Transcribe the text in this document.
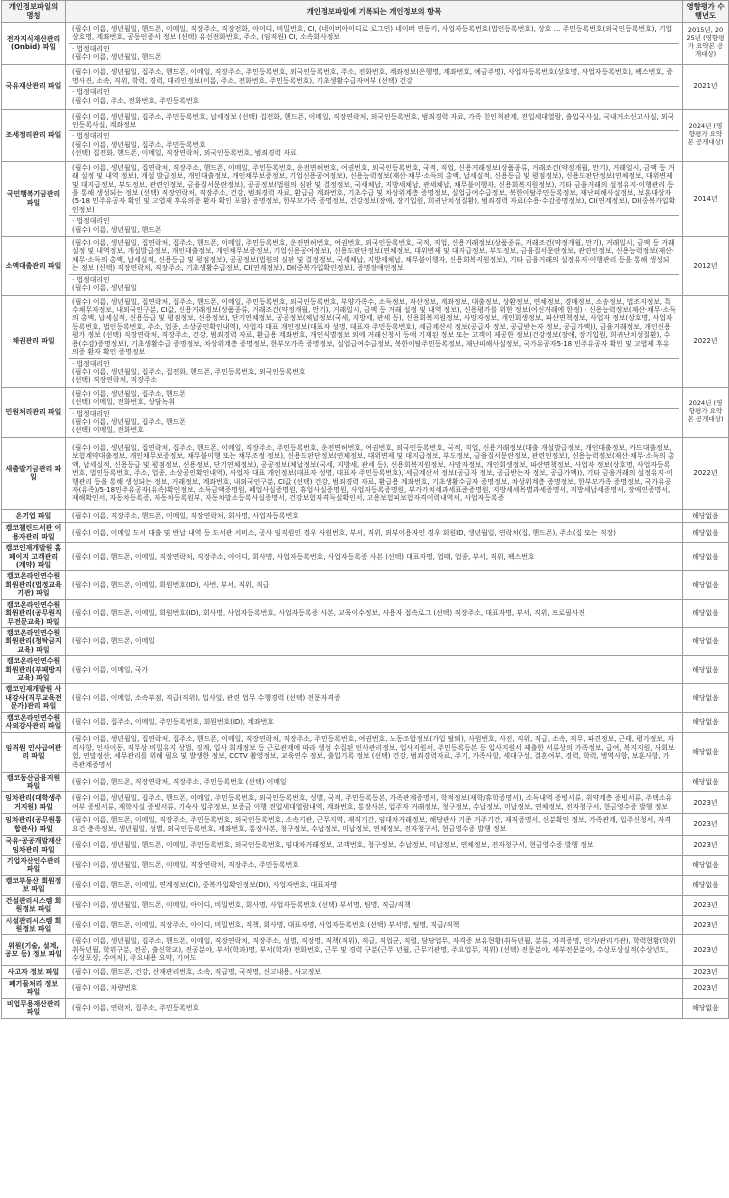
개인정보파일의 명칭	개인정보파일에 기록되는 개인정보의 항목	영향평가 수행년도
전자지식재산관리(Onbid) 파일	(필수) 이름, 생년월일, 핸드폰, 이메일, 직장주소, 직장전화, 아이디, 비밀번호, CI, (네이버아이디로 로그인) 네이버 연동키, 사업자등록번호(법인등록번호), 상호 … 주민등록번호(외국인등록번호), 기업상호명, 계좌번호, 공동인증서 정보 (선택) 유선전화번호, 주소, (임직원) CI, 소속회사정보
· 법정대리인
(필수) 이름, 생년월일, 핸드폰	2015년, 2025년 (영향평가 요약본 공개대상)
국유재산관리 파일	(필수) 이름, 생년월일, 집주소, 핸드폰, 이메일, 직장주소, 주민등록번호, 외국인등록번호, 주소, 전화번호, 계좌정보(은행명, 계좌번호, 예금주명), 사업자등록번호(상호명, 사업자등록번호), 팩스번호, 증명사진, 소속, 직위, 학력, 경력, 대리인정보(이름, 주소, 전화번호, 주민등록번호), 기초생활수급자여부 (선택) 건강
· 법정대리인
(필수) 이름, 주소, 전화번호, 주민등록번호	2021년
조세정리관리 파일	(필수) 이름, 생년월일, 집주소, 주민등록번호, 납세정보 (선택) 집전화, 핸드폰, 이메일, 직장연락처, 외국인등록번호, 범죄경력 자료, 가족 친인척관계, 전입세대열람, 출입국사실, 국내거소신고사실, 외국인등록사실, 계좌정보
· 법정대리인
(필수) 이름, 생년월일, 집주소, 주민등록번호
(선택) 집전화, 핸드폰, 이메일, 직장연락처, 외국인등록번호, 범죄경력 자료	2024년 (영향평가 요약본 공개대상)
국민행복기금관리 파일	(필수) 이름, 생년월일, 집연락처, 직장주소, 핸드폰, 이메일, 주민등록번호, 운전면허번호, 여권번호, 외국인등록번호, 국적, 직업, 신용거래정보(상품종류, 거래조건(약정개월, 만기), 거래일시, 금액 등 거래 설정 및 내역 정보), 개설 발급정보, 개인대출정보, 개인채무보증정보, 기업신용공여정보), 신용능력정보(재산·채무·소득의 총액, 납세실적, 신용등급 및 평점정보), 신용도판단정보(연체정보, 대위변제 및 대지급정보, 부도정보, 관련인정보, 금융질서문란정보), 공공정보(법원의 심판 및 결정정보, 국세체납, 지방세체납, 관세체납, 채무불이행자, 신용회복지원정보), 기타 금융거래의 설정유지·이행관리 등을 통해 생성되는 정보 (선택) 직장연락처, 직장주소, 건강, 범죄경력 자료, 환급금 계좌번호, 기초수급 및 차상위계층 증명정보, 실업급여수급정보, 북한이탈주민등록정보, 재난피해사실정보, 보훈대상자(5·18 민주유공자 확인 및 고엽제 후유의증 환자 확인 포함) 증명정보, 한부모가족 증명정보, 건강정보(장애, 장기입원, 희귀난치성질환), 범죄경력 자료(수용·수감증명정보), CI(연계정보), DI(중복가입확인정보)
· 법정대리인
(필수) 이름, 생년월일, 핸드폰	2014년
소액대출관리 파일	(필수) 이름, 생년월일, 집연락처, 집주소, 핸드폰, 이메일, 주민등록번호, 운전면허번호, 여권번호, 외국인등록번호, 국적, 직업, 신용거래정보(상품종류, 거래조건(약정개월, 만기), 거래일시, 금액 등 거래설정 및 내역정보, 개설발급정보, 개인대출정보, 개인채무보증정보, 기업신용공여정보), 신용도판단정보(연체정보, 대위변제 및 대지급정보, 부도정보, 금융질서문란정보, 관련인정보, 신용능력정보(재산·채무·소득의 총액, 납세실적, 신용등급 및 평점정보), 공공정보(법원의 심판 및 결정정보, 국세체납, 지방세체납, 채무불이행자, 신용회복지원정보), 기타 금융거래의 설정유지·이행관리 등을 통해 생성되는 정보 (선택) 직장연락처, 직장주소, 기초생활수급정보, CI(연계정보), DI(중복가입확인정보), 증명장애인정보
· 법정대리인
(필수) 이름, 생년월일	2012년
채권관리 파일	(필수) 이름, 생년월일, 집연락처, 집주소, 핸드폰, 이메일, 주민등록번호, 외국인등록번호, 부양가족수, 소득정보, 자산정보, 계좌정보, 대출정보, 상환정보, 연체정보, 경매정보, 소송정보, 법조지정보, 특수채무자정보, 내외국인구분, CI값, 신용거래정보(상품종류, 거래조건(약정개월, 만기), 거래일시, 금액 등 거래 설정 및 내역 정보), 신용평가를 위한 정보(여신거래에 한정) · 신용능력정보(재산·채무·소득의 총액, 납세실적, 신용등급 및 평점정보, 신용정보), 단기연체정보, 공공정보(체납정보(국세, 지방세, 관세 등), 신용회복지원정보, 사망자정보, 개인회생정보, 파산면책정보, 사업자 정보(상호명, 사업자등록번호, 법인등록번호, 주소, 업종, 소상공인확인내역), 사업자 대표 개인정보(대표자 성명, 대표자 주민등록번호), 세금계산서 정보(공급자 정보, 공급받는자 정보, 공급가액)), 금융거래정보, 개인신용평가 정보 (선택) 직장연락처, 직장주소, 건강, 범죄경력 자료, 환급용 계좌번호, 개인식별정보 외에 거래신청서 등에 기재된 정보 또는 고객이 제공한 정보(건강정보(장애, 장기입원, 희귀난치성질환), 수용(수감)증명정보), 기초생활수급 증명정보, 차상위계층 증명정보, 한부모가족 증명정보, 실업급여수급정보, 북한이탈주민등록정보, 재난피해사실정보, 국가유공자5·18 민주유공자 확인 및 고엽제 후유의증 환자 확인 증명정보
· 법정대리인
(필수) 이름, 생년월일, 집주소, 집전화, 핸드폰, 주민등록번호, 외국인등록번호
(선택) 직장연락처, 직장주소	2022년
민원처리관리 파일	(필수) 이름, 생년월일, 집주소, 핸드폰
(선택) 이메일, 전화번호, 상담녹취
· 법정대리인
(필수) 이름, 생년월일, 집주소, 핸드폰
(선택) 이메일, 전화번호	2024년 (영향평가 요약본 공개대상)
새출발기금관리 파일	(필수) 이름, 생년월일, 집연락처, 집주소, 핸드폰, 이메일, 직장주소, 주민등록번호, 운전면허번호, 여권번호, 외국인등록번호, 국적, 직업, 신용거래정보(대출 개설발급정보, 개인대출정보, 카드대출정보, 보험계약대출정보, 개인채무보증정보, 채무불이행 또는 채무조정 정보), 신용도판단정보(연체정보, 대위변제 및 대지급정보, 부도정보, 금융질서문란정보, 관련인정보), 신용능력정보(재산·채무·소득의 총액, 납세실적, 신용등급 및 평점정보, 신용정보, 단기연체정보), 공공정보(체납정보(국세, 지방세, 관세 등), 신용회복지원정보, 사망자정보, 개인회생정보, 파산면책정보, 사업자 정보(상호명, 사업자등록번호, 법인등록번호, 주소, 업종, 소상공인확인내역), 사업자 대표 개인정보(대표자 성명, 대표자 주민등록번호), 세금계산서 정보(공급자 정보, 공급받는자 정보, 공급가액)), 기타 금융거래의 설정유지·이행관리 등을 통해 생성되는 정보, 거래정보, 계좌번호, 내외국인구분, CI값 (선택) 건강, 범죄경력 자료, 환급용 계좌번호, 기초생활수급자 증명정보, 차상위계층 증명정보, 한부모가족 증명정보, 국가유공자(유족)/5·18민주유공자(유족)확인정보, 소득금액증명원, 폐업사실증명원, 휴업사실증명원, 사업자등록증명원, 부가가치세과세표준증명원, 지방세세목별과세증명서, 지방세납세증명서, 장애인증명서, 재해확인서, 자동차등록증, 자동차등록원부, 자동차말소등록사실증명서, 건강보험자격득실확인서, 고용보험피보험자격이력내역서, 사업자등록증	2022년
온기업 파일	(필수) 이름, 직장주소, 핸드폰, 이메일, 직장연락처, 회사명, 사업자등록번호	해당없음
캠코챌린드서관 이용자관리 파일	(필수) 이름, 이메일 도서 대출 및 반납 내역 등 도서관 서비스, 공사 임직원인 경우 사원번호, 부서, 직위, 외부이용자인 경우 회원ID, 생년월일, 연락처(집, 핸드폰), 주소(집 또는 직장)	해당없음
캠코인재개발원 홈페이지 고객관리(계약) 파일	(필수) 이름, 핸드폰, 이메일, 직장연락처, 직장주소, 아이디, 회사명, 사업자등록번호, 사업자등록증 사본 (선택) 대표자명, 업태, 업종, 부서, 직위, 팩스번호	해당없음
캠코온라인연수원 회원관리(법정교육기관) 파일	(필수) 이름, 핸드폰, 이메일, 회원번호(ID), 사번, 부서, 직위, 직급	해당없음
캠코온라인연수원 회원관리(공무원직무전문교육) 파일	(필수) 이름, 핸드폰, 이메일, 회원번호(ID), 회사명, 사업자등록번호, 사업자등록증 사본, 교육이수정보, 사용자 접속로그 (선택) 직장주소, 대표자명, 부서, 직위, 프로필사진	해당없음
캠코온라인연수원 회원관리(청탁금지교육) 파일	(필수) 이름, 핸드폰, 이메일	해당없음
캠코온라인연수원 회원관리(부패방지교육) 파일	(필수) 이름, 이메일, 국가	해당없음
캠코인재개발원 사내강사(직무교육전문가)관리 파일	(필수) 이름, 이메일, 소속부점, 직급(직위), 입사일, 관련 업무 수행경력 (선택) 전문자격증	해당없음
캠코온라인연수원 사외강사관리 파일	(필수) 이름, 집주소, 이메일, 주민등록번호, 회원번호(ID), 계좌번호	해당없음
임직원 인사급여관리 파일	(필수) 이름, 생년월일, 집연락처, 집주소, 핸드폰, 이메일, 직장연락처, 직장주소, 주민등록번호, 여권번호, 노동조합정보(가입 탈퇴), 사원번호, 사진, 직위, 직급, 소속, 직무, 파견정보, 근태, 평가정보, 자격사항, 인사이동, 직무상 비밀유지 상벌, 징계, 입사 회계정보 등 근로관계에 따라 생성 수집된 인사관리정보, 입사지원서, 주민등록등본 등 입사지원서 제출한 서류상의 가족정보, 급여, 복지지원, 사회보험, 연말정산, 세무관리를 위해 필요 및 발생한 정보, CCTV 촬영정보, 교육연수 정보, 출입기록 정보 (선택) 건강, 범죄경력자료, 주기, 가족사항, 세대구성, 결혼여부, 경력, 학력, 병역사항, 보훈사항, 가족관계증명서	해당없음
캠코동산금융지원 파일	(필수) 이름, 핸드폰, 직장연락처, 직장주소, 주민등록번호 (선택) 이메일	해당없음
임차관리(대학생주거지원) 파일	(필수) 이름, 생년월일, 집주소, 핸드폰, 이메일, 주민등록번호, 외국인등록번호, 성별, 국적, 주민등록등본, 가족관계증명서, 학적정보(재학/휴학증명서), 소득내역 증빙서류, 취약계층 증빙서류, 주택소유 여부 증빙서류, 재학사실 증빙서류, 기숙사 입주정보, 보증금 이행 전입세대열람내역, 계좌번호, 통장사본, 입주자 거래정보, 청구정보, 수납정보, 미납정보, 연체정보, 전자청구서, 현금영수증 발행 정보	2023년
임차관리(공무원통합관사) 파일	(필수) 이름, 핸드폰, 이메일, 직장주소, 주민등록번호, 외국인등록번호, 소속기관, 근무지역, 재직기간, 임대차거래정보, 해당관사 기준 거주기간, 재직증명서, 신분확인 정보, 가족관계, 입주신청서, 자격요건 충족정보, 생년월일, 성별, 외국인등록번호, 계좌번호, 통장사본, 청구정보, 수납정보, 미납정보, 연체정보, 전자청구서, 현금영수증 발행 정보	2023년
국유·공공개발재산 임차관리 파일	(필수) 이름, 생년월일, 핸드폰, 이메일, 주민등록번호, 외국인등록번호, 임대차거래정보, 고객번호, 청구정보, 수납정보, 미납정보, 연체정보, 전자청구서, 현금영수증 발행 정보	2023년
기업자산인수관리 파일	(필수) 이름, 생년월일, 핸드폰, 이메일, 직장연락처, 직장주소, 주민등록번호	해당없음
캠코부동산 회원정보 파일	(필수) 이름, 핸드폰, 이메일, 연계정보(CI), 중복가입확인정보(DI), 사업자번호, 대표자명	해당없음
건설관리시스템 회원정보 파일	(필수) 이름, 생년월일, 핸드폰, 이메일, 아이디, 비밀번호, 회사명, 사업자등록번호 (선택) 부서명, 팀명, 직급/직책	2023년
시설관리시스템 회원정보 파일	(필수) 이름, 핸드폰, 이메일, 직장주소, 아이디, 비밀번호, 직책, 회사명, 대표자명, 사업자등록번호 (선택) 부서명, 팀명, 직급/직책	2023년
위원(기술, 설계, 공모 등) 정보 파일	(필수) 이름, 생년월일, 집주소, 핸드폰, 이메일, 직장연락처, 직장주소, 성별, 직장명, 직책(직위), 직급, 직업군, 직렬, 담당업무, 자격증 보유현황(취득년월, 분류, 자격증명, 인가/관리기관), 학력현황(학위취득년월, 학위구분, 전공, 출신학교), 전공분야, 부서(학과)명, 부서(학과) 전화번호, 근무 및 경력 구분(근무 년월, 근무기관명, 주요업무, 직위) (선택) 전문분야, 세부전문분야, 수상포상실적(수상년도, 수상포상, 수여처), 주요내용 요약, 기여도	2023년
사고자 정보 파일	(필수) 이름, 핸드폰, 건강, 산재관리번호, 소속, 직급명, 국적명, 신고내용, 사고정보	2023년
폐기물처리 정보 파일	(필수) 이름, 차량번호	2023년
비업무용재산관리 파일	(필수) 이름, 연락처, 집주소, 주민등록번호	해당없음
